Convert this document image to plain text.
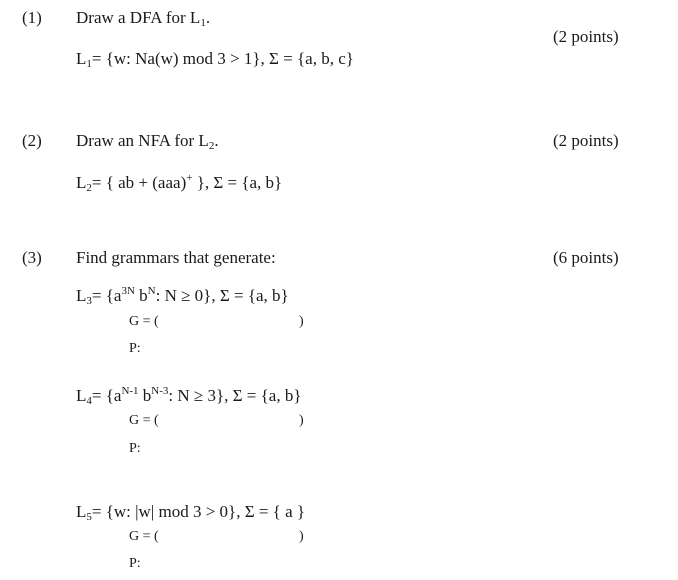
(1) Draw a DFA for L1.
(2 points)
L1= {w: Na(w) mod 3 > 1}, Σ = {a, b, c}
(2) Draw an NFA for L2.	(2 points)
L2= { ab + (aaa)+ }, Σ = {a, b}
(3) Find grammars that generate:	(6 points)
$L3= \{a^{3N}$ $b^N$: N ≥ 0}, Σ = {a, b}
G = (	)
P:
$L4= \{a^{N-1}$ $b^{N-3}$: N ≥ 3}, Σ = {a, b}
G = (	)
P:
L5= {w: |w| mod 3 > 0}, Σ = { a }
G = (	)
P:
